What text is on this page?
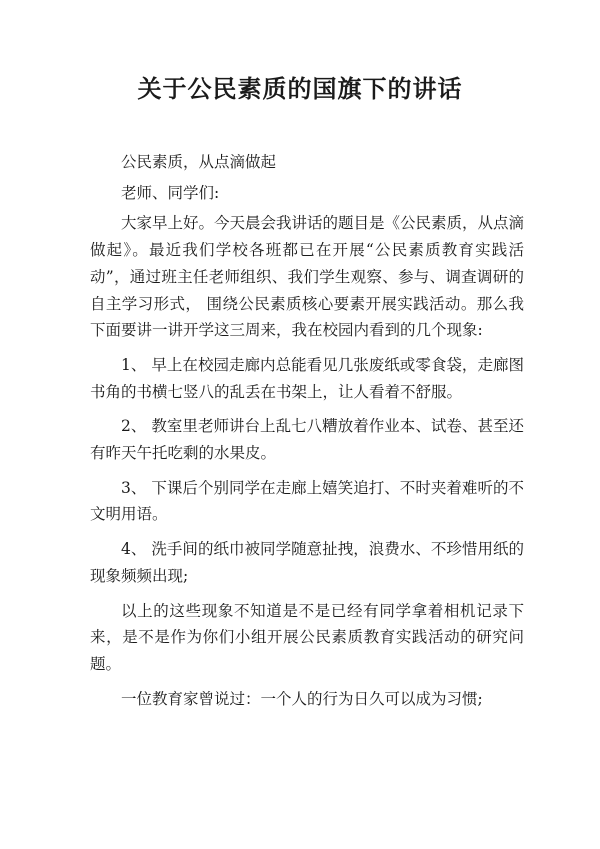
关于公民素质的国旗下的讲话

公民素质，从点滴做起

老师、同学们:

大家早上好。今天晨会我讲话的题目是《公民素质，从点滴做起》。最近我们学校各班都已在开展“公民素质教育实践活动”，通过班主任老师组织、我们学生观察、参与、调查调研的自主学习形式， 围绕公民素质核心要素开展实践活动。那么我下面要讲一讲开学这三周来，我在校园内看到的几个现象:

1、 早上在校园走廊内总能看见几张废纸或零食袋，走廊图书角的书横七竖八的乱丢在书架上，让人看着不舒服。

2、 教室里老师讲台上乱七八糟放着作业本、试卷、甚至还有昨天午托吃剩的水果皮。

3、 下课后个别同学在走廊上嬉笑追打、不时夹着难听的不文明用语。

4、 洗手间的纸巾被同学随意扯拽，浪费水、不珍惜用纸的现象频频出现;

以上的这些现象不知道是不是已经有同学拿着相机记录下来，是不是作为你们小组开展公民素质教育实践活动的研究问题。

一位教育家曾说过：一个人的行为日久可以成为习惯;
